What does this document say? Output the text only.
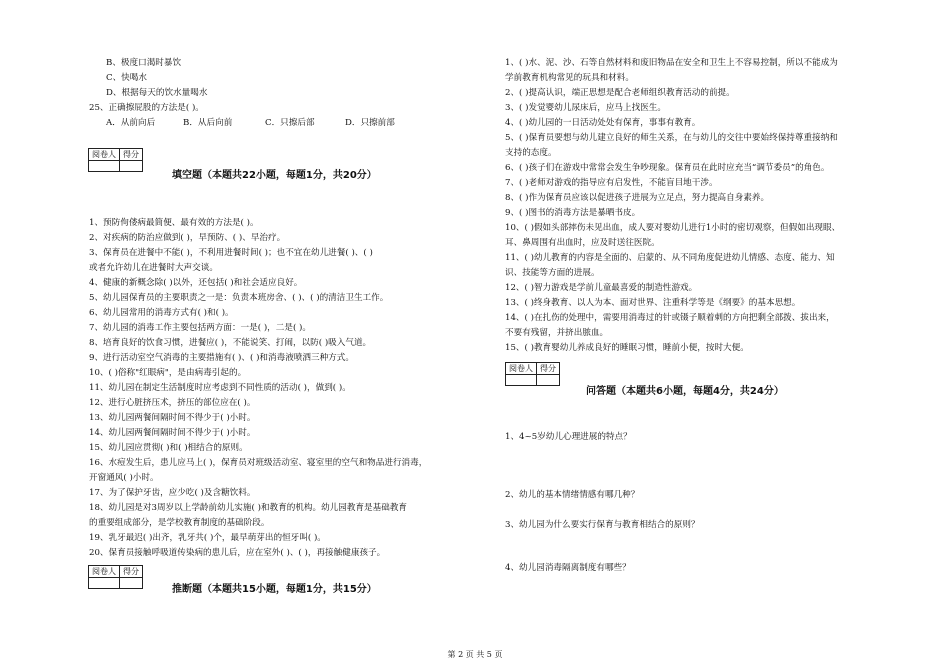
B、极度口渴时暴饮
C、快喝水
D、根据每天的饮水量喝水
25、正确擦屁股的方法是( )。
A．从前向后	B．从后向前	C．只擦后部	D．只擦前部
阅卷人	得分

填空题（本题共22小题，每题1分，共20分）
1、预防佝偻病最简便、最有效的方法是( )。
2、对疾病的防治应做到( )，早预防、( )、早治疗。
3、保育员在进餐中不能( )，不利用进餐时间( )；也不宜在幼儿进餐( )、( )
或者允许幼儿在进餐时大声交谈。
4、健康的新概念除( )以外，还包括( )和社会适应良好。
5、幼儿园保育员的主要职责之一是：负责本班房舍、( )、( )的清洁卫生工作。
6、幼儿园常用的消毒方式有( )和( )。
7、幼儿园的消毒工作主要包括两方面：一是( )，二是( )。
8、培育良好的饮食习惯，进餐应( )，不能说笑、打闹，以防( )吸入气道。
9、进行活动室空气消毒的主要措施有( )、( )和消毒液喷洒三种方式。
10、( )俗称"红眼病"，是由病毒引起的。
11、幼儿园在制定生活制度时应考虑到不同性质的活动( )，做到( )。
12、进行心脏挤压术，挤压的部位应在( )。
13、幼儿园两餐间隔时间不得少于( )小时。
14、幼儿园两餐间隔时间不得少于( )小时。
15、幼儿园应贯彻( )和( )相结合的原则。
16、水痘发生后，患儿应马上( )，保育员对班级活动室、寝室里的空气和物品进行消毒，
开窗通风( )小时。
17、为了保护牙齿，应少吃( )及含糖饮料。
18、幼儿园是对3周岁以上学龄前幼儿实施( )和教育的机构。幼儿园教育是基础教育
的重要组成部分，是学校教育制度的基础阶段。
19、乳牙最迟( )出齐，乳牙共( )个，最早萌芽出的恒牙叫( )。
20、保育员接触呼吸道传染病的患儿后，应在室外( )、( )，再接触健康孩子。
阅卷人	得分

推断题（本题共15小题，每题1分，共15分）
1、( )水、泥、沙、石等自然材料和废旧物品在安全和卫生上不容易控制，所以不能成为
学前教育机构常见的玩具和材料。
2、( )提高认识，端正思想是配合老师组织教育活动的前提。
3、( )发觉婴幼儿尿床后，应马上找医生。
4、( )幼儿园的一日活动处处有保育，事事有教育。
5、( )保育员要想与幼儿建立良好的师生关系，在与幼儿的交往中要始终保持尊重接纳和
支持的态度。
6、( )孩子们在游戏中常常会发生争吵现象。保育员在此时应充当“调节委员”的角色。
7、( )老师对游戏的指导应有启发性，不能盲目地干涉。
8、( )作为保育员应该以促进孩子进展为立足点，努力提高自身素养。
9、( )图书的消毒方法是暴晒书皮。
10、( )假如头部摔伤未见出血，成人要对婴幼儿进行1小时的密切观察，但假如出现眼、
耳、鼻周围有出血时，应及时送往医院。
11、( )幼儿教育的内容是全面的、启蒙的、从不同角度促进幼儿情感、态度、能力、知
识、技能等方面的进展。
12、( )智力游戏是学前儿童最喜爱的制造性游戏。
13、( )终身教育、以人为本、面对世界、注重科学等是《纲要》的基本思想。
14、( )在扎伤的处理中，需要用消毒过的针或镊子顺着刺的方向把剩全部拨、拔出来，
不要有残留，并挤出脓血。
15、( )教育婴幼儿养成良好的睡眠习惯，睡前小便，按时大便。
阅卷人	得分

问答题（本题共6小题，每题4分，共24分）
1、4~5岁幼儿心理进展的特点？
2、幼儿的基本情绪情感有哪几种？
3、幼儿园为什么要实行保育与教育相结合的原则？
4、幼儿园消毒隔离制度有哪些？
第 2 页 共 5 页
